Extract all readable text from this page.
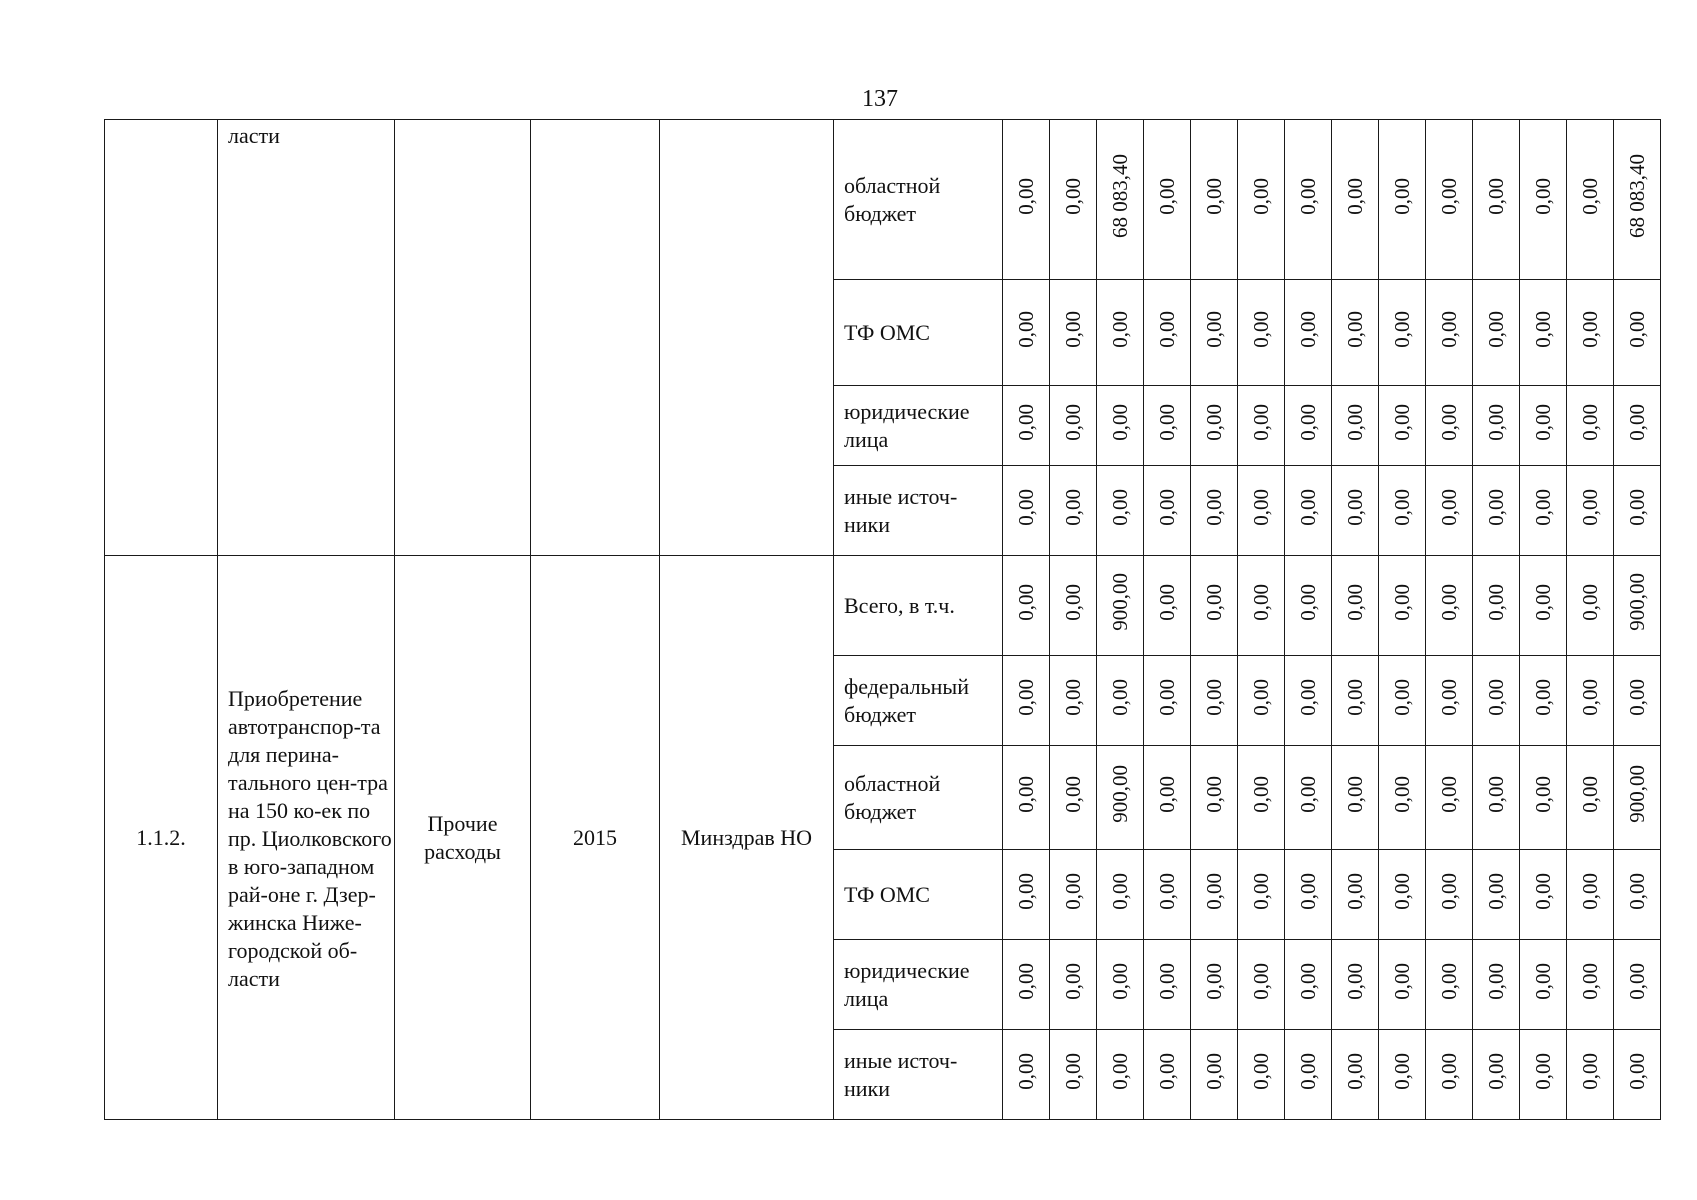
137
	ласти				областной бюджет	0,00	0,00	68 083,40	0,00	0,00	0,00	0,00	0,00	0,00	0,00	0,00	0,00	0,00	68 083,40
					ТФ ОМС	0,00	0,00	0,00	0,00	0,00	0,00	0,00	0,00	0,00	0,00	0,00	0,00	0,00	0,00
					юридические лица	0,00	0,00	0,00	0,00	0,00	0,00	0,00	0,00	0,00	0,00	0,00	0,00	0,00	0,00
					иные источ-ники	0,00	0,00	0,00	0,00	0,00	0,00	0,00	0,00	0,00	0,00	0,00	0,00	0,00	0,00
1.1.2.	Приобретение автотранспор-та для перина-тального цен-тра на 150 ко-ек по пр. Циолковского в юго-западном рай-оне г. Дзер-жинска Ниже-городской об-ласти	Прочие расходы	2015	Минздрав НО	Всего, в т.ч.	0,00	0,00	900,00	0,00	0,00	0,00	0,00	0,00	0,00	0,00	0,00	0,00	0,00	900,00
					федеральный бюджет	0,00	0,00	0,00	0,00	0,00	0,00	0,00	0,00	0,00	0,00	0,00	0,00	0,00	0,00
					областной бюджет	0,00	0,00	900,00	0,00	0,00	0,00	0,00	0,00	0,00	0,00	0,00	0,00	0,00	900,00
					ТФ ОМС	0,00	0,00	0,00	0,00	0,00	0,00	0,00	0,00	0,00	0,00	0,00	0,00	0,00	0,00
					юридические лица	0,00	0,00	0,00	0,00	0,00	0,00	0,00	0,00	0,00	0,00	0,00	0,00	0,00	0,00
					иные источ-ники	0,00	0,00	0,00	0,00	0,00	0,00	0,00	0,00	0,00	0,00	0,00	0,00	0,00	0,00
